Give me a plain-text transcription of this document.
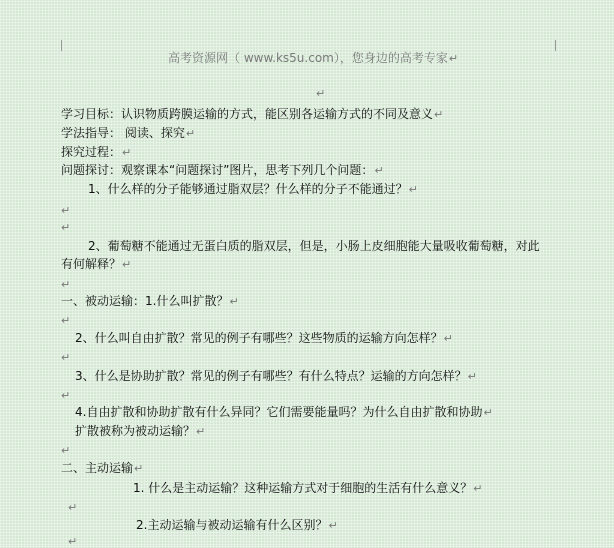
高考资源网（ www.ks5u.com），您身边的高考专家↵
↵
学习目标：认识物质跨膜运输的方式，能区别各运输方式的不同及意义↵
学法指导： 阅读、探究↵
探究过程：↵
问题探讨：观察课本“问题探讨”图片，思考下列几个问题：↵
1、什么样的分子能够通过脂双层？什么样的分子不能通过？↵
↵
↵
2、葡萄糖不能通过无蛋白质的脂双层，但是，小肠上皮细胞能大量吸收葡萄糖，对此
有何解释？↵
↵
一、被动运输：1.什么叫扩散？↵
↵
2、什么叫自由扩散？常见的例子有哪些？这些物质的运输方向怎样？↵
↵
3、什么是协助扩散？常见的例子有哪些？有什么特点？运输的方向怎样？↵
↵
4.自由扩散和协助扩散有什么异同？它们需要能量吗？为什么自由扩散和协助↵
扩散被称为被动运输？↵
↵
二、主动运输↵
1. 什么是主动运输？这种运输方式对于细胞的生活有什么意义？↵
↵
2.主动运输与被动运输有什么区别？↵
↵
